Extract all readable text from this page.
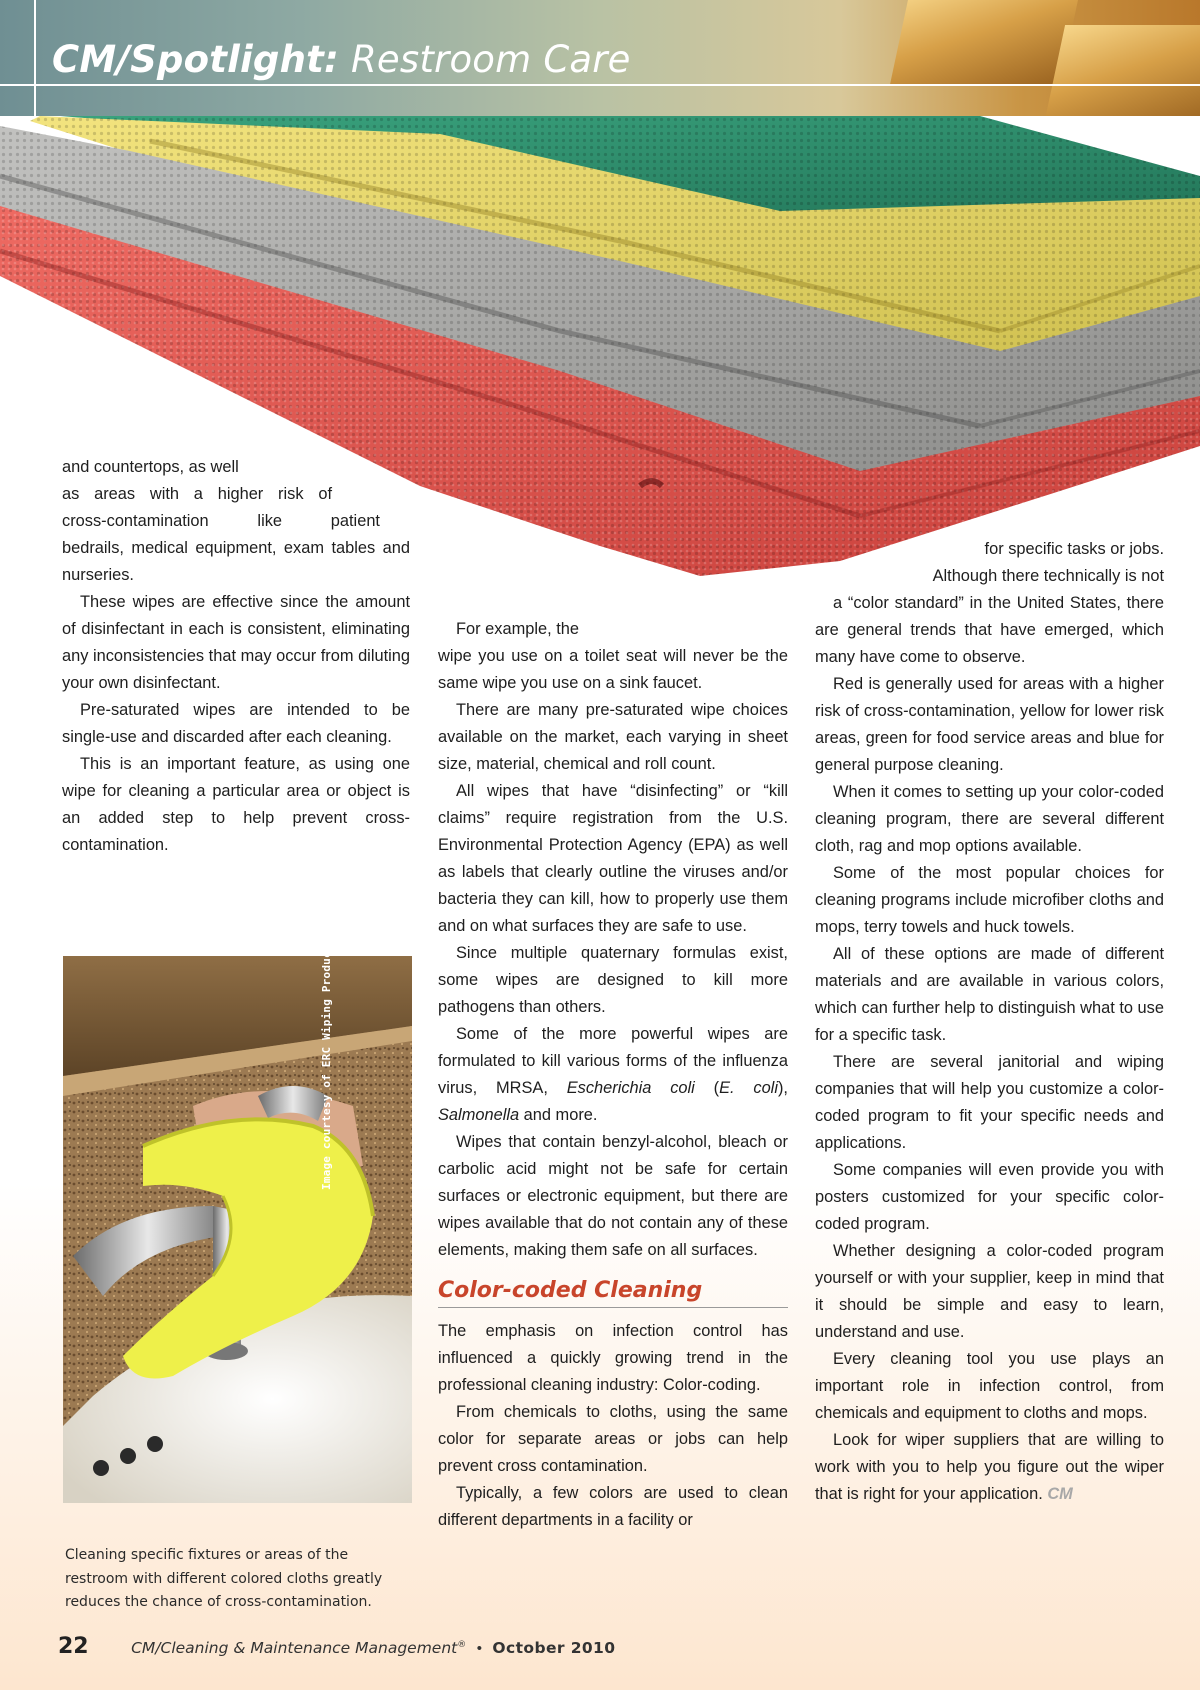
CM/Spotlight: Restroom Care

and countertops, as well

as areas with a higher risk of

cross-contamination like patient

bedrails, medical equipment, exam tables and nurseries.

These wipes are effective since the amount of disinfectant in each is consistent, eliminating any inconsistencies that may occur from diluting your own disinfectant.

Pre-saturated wipes are intended to be single-use and discarded after each cleaning.

This is an important feature, as using one wipe for cleaning a particular area or object is an added step to help prevent cross-contamination.

Image courtesy of ERC Wiping Products Inc.
Cleaning specific fixtures or areas of the restroom with different colored cloths greatly reduces the chance of cross-contamination.

For example, the

wipe you use on a toilet seat will never be the same wipe you use on a sink faucet.

There are many pre-saturated wipe choices available on the market, each varying in sheet size, material, chemical and roll count.

All wipes that have “disinfecting” or “kill claims” require registration from the U.S. Environmental Protection Agency (EPA) as well as labels that clearly outline the viruses and/or bacteria they can kill, how to properly use them and on what surfaces they are safe to use.

Since multiple quaternary formulas exist, some wipes are designed to kill more pathogens than others.

Some of the more powerful wipes are formulated to kill various forms of the influenza virus, MRSA, Escherichia coli (E. coli), Salmonella and more.

Wipes that contain benzyl-alcohol, bleach or carbolic acid might not be safe for certain surfaces or electronic equipment, but there are wipes available that do not contain any of these elements, making them safe on all surfaces.

Color-coded Cleaning

The emphasis on infection control has influenced a quickly growing trend in the professional cleaning industry: Color-coding.

From chemicals to cloths, using the same color for separate areas or jobs can help prevent cross contamination.

Typically, a few colors are used to clean different departments in a facility or

for specific tasks or jobs.

Although there technically is not

a “color standard” in the United States, there are general trends that have emerged, which many have come to observe.

Red is generally used for areas with a higher risk of cross-contamination, yellow for lower risk areas, green for food service areas and blue for general purpose cleaning.

When it comes to setting up your color-coded cleaning program, there are several different cloth, rag and mop options available.

Some of the most popular choices for cleaning programs include microfiber cloths and mops, terry towels and huck towels.

All of these options are made of different materials and are available in various colors, which can further help to distinguish what to use for a specific task.

There are several janitorial and wiping companies that will help you customize a color-coded program to fit your specific needs and applications.

Some companies will even provide you with posters customized for your specific color-coded program.

Whether designing a color-coded program yourself or with your supplier, keep in mind that it should be simple and easy to learn, understand and use.

Every cleaning tool you use plays an important role in infection control, from chemicals and equipment to cloths and mops.

Look for wiper suppliers that are willing to work with you to help you figure out the wiper that is right for your application. CM

22	CM/Cleaning & Maintenance Management® • October 2010
